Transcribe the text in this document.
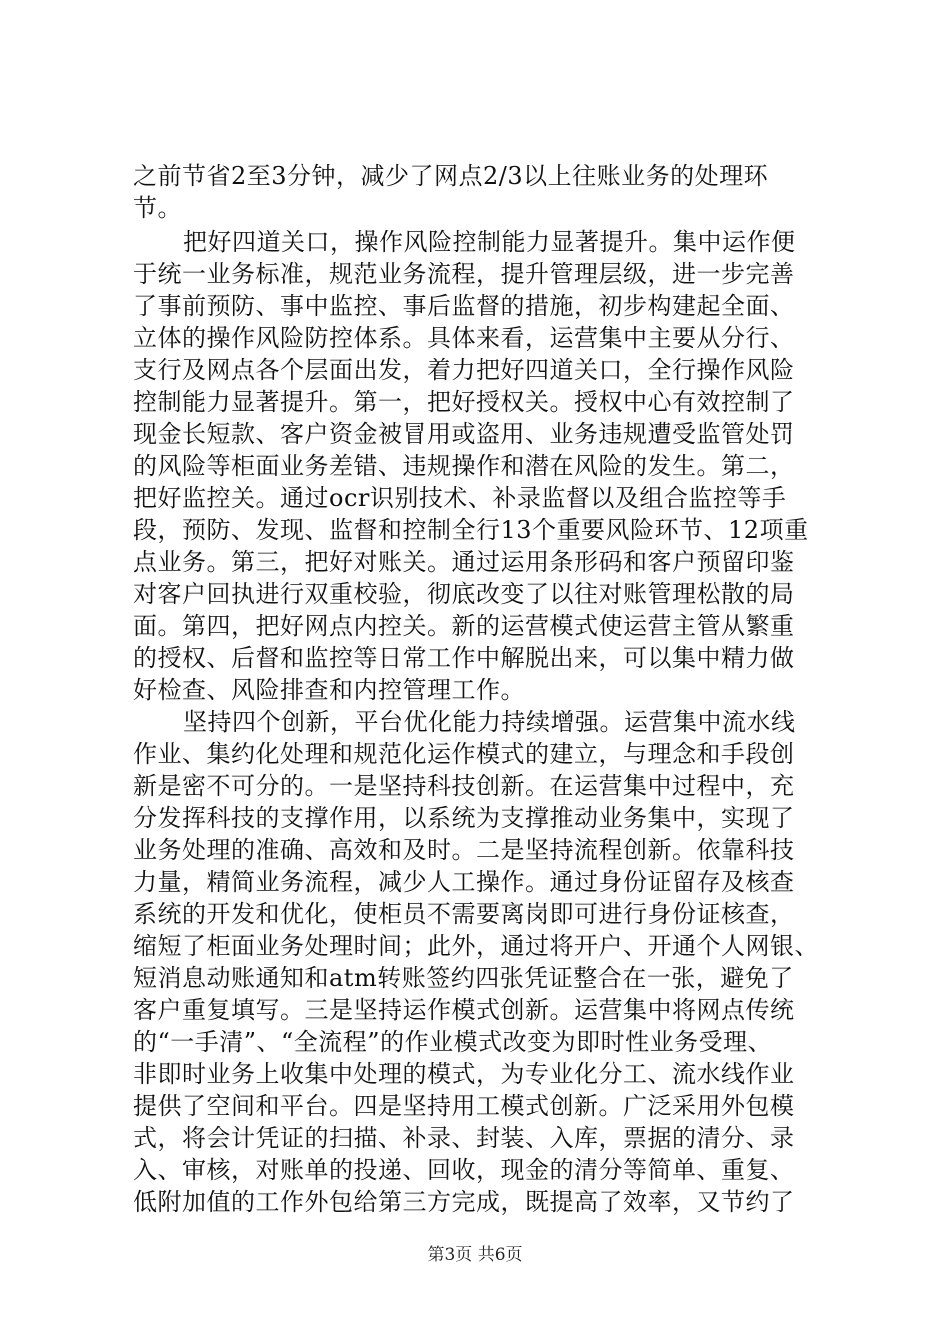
之前节省2至3分钟，减少了网点2/3以上往账业务的处理环
节。
把好四道关口，操作风险控制能力显著提升。集中运作便
于统一业务标准，规范业务流程，提升管理层级，进一步完善
了事前预防、事中监控、事后监督的措施，初步构建起全面、
立体的操作风险防控体系。具体来看，运营集中主要从分行、
支行及网点各个层面出发，着力把好四道关口，全行操作风险
控制能力显著提升。第一，把好授权关。授权中心有效控制了
现金长短款、客户资金被冒用或盗用、业务违规遭受监管处罚
的风险等柜面业务差错、违规操作和潜在风险的发生。第二，
把好监控关。通过ocr识别技术、补录监督以及组合监控等手
段，预防、发现、监督和控制全行13个重要风险环节、12项重
点业务。第三，把好对账关。通过运用条形码和客户预留印鉴
对客户回执进行双重校验，彻底改变了以往对账管理松散的局
面。第四，把好网点内控关。新的运营模式使运营主管从繁重
的授权、后督和监控等日常工作中解脱出来，可以集中精力做
好检查、风险排查和内控管理工作。
坚持四个创新，平台优化能力持续增强。运营集中流水线
作业、集约化处理和规范化运作模式的建立，与理念和手段创
新是密不可分的。一是坚持科技创新。在运营集中过程中，充
分发挥科技的支撑作用，以系统为支撑推动业务集中，实现了
业务处理的准确、高效和及时。二是坚持流程创新。依靠科技
力量，精简业务流程，减少人工操作。通过身份证留存及核查
系统的开发和优化，使柜员不需要离岗即可进行身份证核查，
缩短了柜面业务处理时间；此外，通过将开户、开通个人网银、
短消息动账通知和atm转账签约四张凭证整合在一张，避免了
客户重复填写。三是坚持运作模式创新。运营集中将网点传统
的“一手清”、“全流程”的作业模式改变为即时性业务受理、
非即时业务上收集中处理的模式，为专业化分工、流水线作业
提供了空间和平台。四是坚持用工模式创新。广泛采用外包模
式，将会计凭证的扫描、补录、封装、入库，票据的清分、录
入、审核，对账单的投递、回收，现金的清分等简单、重复、
低附加值的工作外包给第三方完成，既提高了效率，又节约了
第3页 共6页
